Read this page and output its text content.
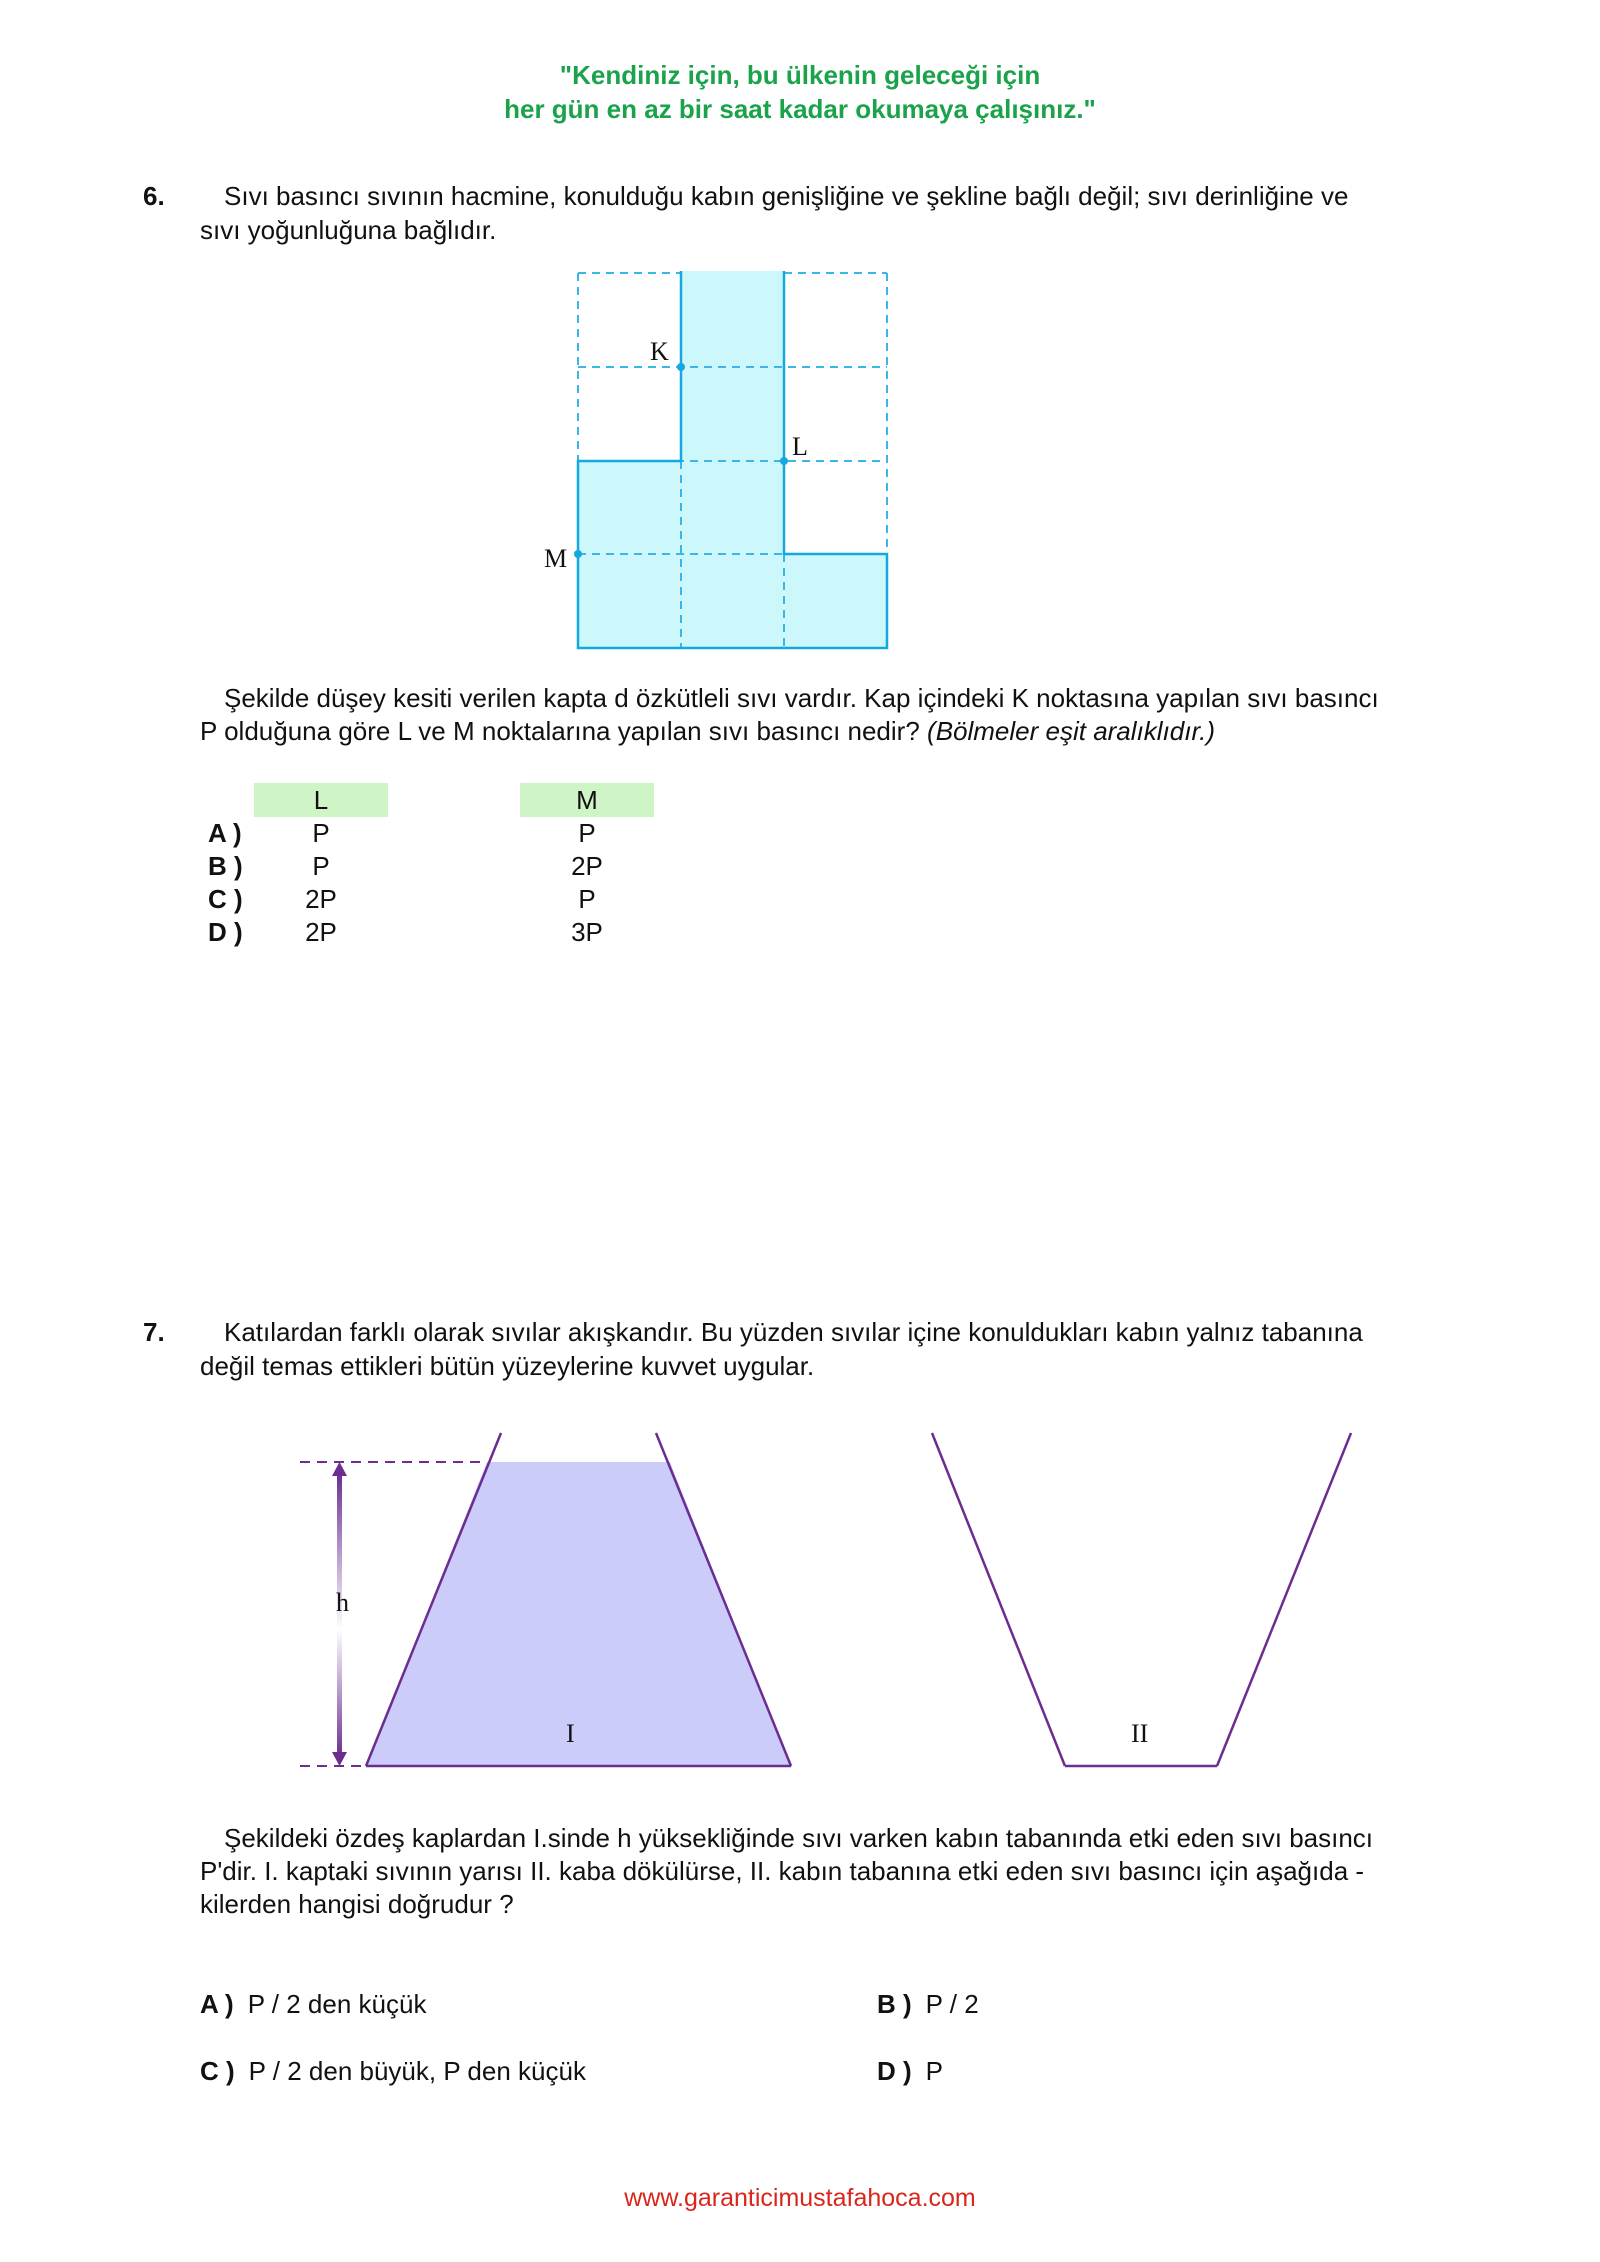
"Kendiniz için, bu ülkenin geleceği için
her gün en az bir saat kadar okumaya çalışınız."
6. Sıvı basıncı sıvının hacmine, konulduğu kabın genişliğine ve şekline bağlı değil; sıvı derinliğine ve
sıvı yoğunluğuna bağlıdır.
K
L
M
Şekilde düşey kesiti verilen kapta d özkütleli sıvı vardır. Kap içindeki K noktasına yapılan sıvı basıncı
P olduğuna göre L ve M noktalarına yapılan sıvı basıncı nedir? (Bölmeler eşit aralıklıdır.)
L	M
A )	P	P
B )	P	2P
C )	2P	P
D )	2P	3P
7. Katılardan farklı olarak sıvılar akışkandır. Bu yüzden sıvılar içine konuldukları kabın yalnız tabanına
değil temas ettikleri bütün yüzeylerine kuvvet uygular.
h
I	II
Şekildeki özdeş kaplardan I.sinde h yüksekliğinde sıvı varken kabın tabanında etki eden sıvı basıncı
P'dir. I. kaptaki sıvının yarısı II. kaba dökülürse, II. kabın tabanına etki eden sıvı basıncı için aşağıda -
kilerden hangisi doğrudur ?
A ) P / 2 den küçük	B ) P / 2
C ) P / 2 den büyük, P den küçük	D ) P
www.garanticimustafahoca.com
